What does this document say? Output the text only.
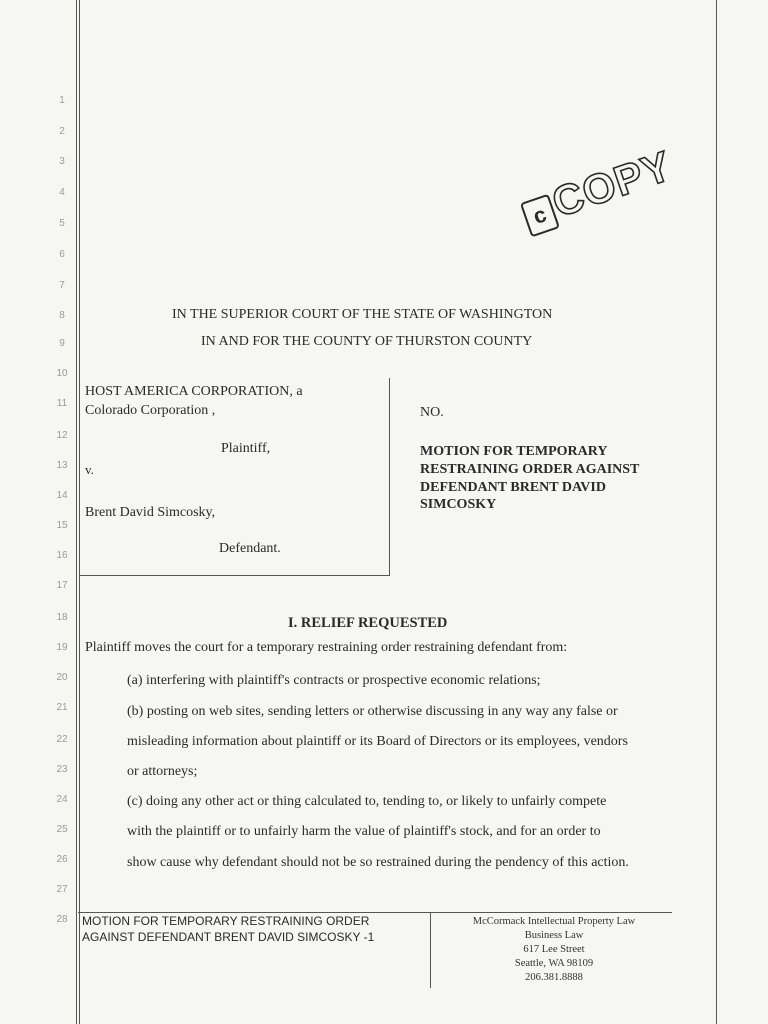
1
2
3
4
5
6
7
8
9
10
11
12
13
14
15
16
17
18
19
20
21
22
23
24
25
26
27
28
c
COPY
IN THE SUPERIOR COURT OF THE STATE OF WASHINGTON
IN AND FOR THE COUNTY OF THURSTON COUNTY
HOST AMERICA CORPORATION, a
Colorado Corporation ,
Plaintiff,
v.
Brent David Simcosky,
Defendant.
NO.
MOTION FOR TEMPORARY
RESTRAINING ORDER AGAINST
DEFENDANT BRENT DAVID
SIMCOSKY
I. RELIEF REQUESTED
Plaintiff moves the court for a temporary restraining order restraining defendant from:
(a) interfering with plaintiff's contracts or prospective economic relations;
(b) posting on web sites, sending letters or otherwise discussing in any way any false or
misleading information about plaintiff or its Board of Directors or its employees, vendors
or attorneys;
(c) doing any other act or thing calculated to, tending to, or likely to unfairly compete
with the plaintiff or to unfairly harm the value of plaintiff's stock, and for an order to
show cause why defendant should not be so restrained during the pendency of this action.
MOTION FOR TEMPORARY RESTRAINING ORDER
AGAINST DEFENDANT BRENT DAVID SIMCOSKY -1
McCormack Intellectual Property Law
Business Law
617 Lee Street
Seattle, WA 98109
206.381.8888
